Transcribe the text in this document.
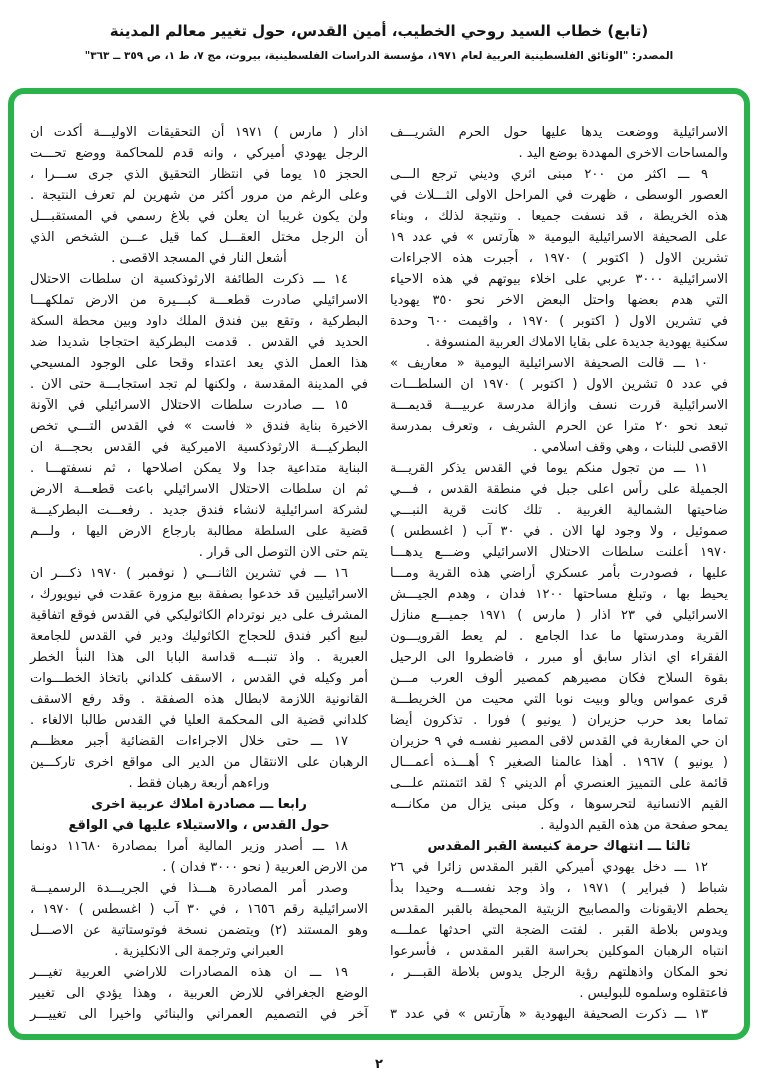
(تابع) خطاب السيد روحي الخطيب، أمين القدس، حول تغيير معالم المدينة
المصدر: "الوثائق الفلسطينية العربية لعام ١٩٧١، مؤسسة الدراسات الفلسطينية، بيروت، مج ٧، ط ١، ص ٣٥٩ ــ ٣٦٣"
الاسرائيلية ووضعت يدها عليها حول الحرم الشريـــف
والمساحات الاخرى المهددة بوضع اليد .
٩ ـــ اكثر من ٢٠٠ مبنى اثري وديني ترجع الـــى
العصور الوسطى ، ظهرت في المراحل الاولى الثـــلاث في
هذه الخريطة ، قد نسفت جميعا . ونتيجة لذلك ، وبناء
على الصحيفة الاسرائيلية اليومية « هآرتس » في عدد ١٩
تشرين الاول ( اكتوبر ) ١٩٧٠ ، أجبرت هذه الاجراءات
الاسرائيلية ٣٠٠٠ عربي على اخلاء بيوتهم في هذه الاحياء
التي هدم بعضها واحتل البعض الاخر نحو ٣٥٠ يهوديا
في تشرين الاول ( اكتوبر ) ١٩٧٠ ، واقيمت ٦٠٠ وحدة
سكنية يهودية جديدة على بقايا الاملاك العربية المنسوفة .
١٠ ـــ قالت الصحيفة الاسرائيلية اليومية « معاريف »
في عدد ٥ تشرين الاول ( اكتوبر ) ١٩٧٠ ان السلطـــات
الاسرائيلية قررت نسف وازالة مدرسة عربيـــة قديمـــة
تبعد نحو ٢٠ مترا عن الحرم الشريف ، وتعرف بمدرسة
الاقصى للبنات ، وهي وقف اسلامي .
١١ ـــ من تجول منكم يوما في القدس يذكر القريـــة
الجميلة على رأس اعلى جبل في منطقة القدس ، فـــي
ضاحيتها الشمالية الغربية . تلك كانت قرية النبـــي
صموئيل ، ولا وجود لها الان . في ٣٠ آب ( اغسطس )
١٩٧٠ أعلنت سلطات الاحتلال الاسرائيلي وضـــع يدهـــا
عليها ، فصودرت بأمر عسكري أراضي هذه القرية ومـــا
يحيط بها ، وتبلغ مساحتها ١٢٠٠ فدان ، وهدم الجيـــش
الاسرائيلي في ٢٣ اذار ( مارس ) ١٩٧١ جميـــع منازل
القرية ومدرستها ما عدا الجامع . لم يعط القرويـــون
الفقراء اي انذار سابق أو مبرر ، فاضطروا الى الرحيل
بقوة السلاح فكان مصيرهم كمصير ألوف العرب مـــن
قرى عمواس ويالو وبيت نوبا التي محيت من الخريطـــة
تماما بعد حرب حزيران ( يونيو ) فورا . تذكرون أيضا
ان حي المغاربة في القدس لاقى المصير نفسـه في ٩ حزيران
( يونيو ) ١٩٦٧ . أهذا عالمنا الصغير ؟ أهـــذه أعمـــال
قائمة على التمييز العنصري أم الديني ؟ لقد ائتمنتم علـــى
القيم الانسانية لتحرسوها ، وكل مبنى يزال من مكانـــه
يمحو صفحة من هذه القيم الدولية .
ثالثا ـــ انتهاك حرمة كنيسة القبر المقدس
١٢ ـــ دخل يهودي أميركي القبر المقدس زائرا في ٢٦
شباط ( فبراير ) ١٩٧١ ، واذ وجد نفســـه وحيدا بدأ
يحطم الايقونات والمصابيح الزيتية المحيطة بالقبر المقدس
ويدوس بلاطة القبر . لفتت الضجة التي احدثها عملـــه
انتباه الرهبان الموكلين بحراسة القبر المقدس ، فأسرعوا
نحو المكان واذهلتهم رؤية الرجل يدوس بلاطة القبـــر ،
فاعتقلوه وسلموه للبوليس .
١٣ ـــ ذكرت الصحيفة اليهودية « هآرتس » في عدد ٣
اذار ( مارس ) ١٩٧١ أن التحقيقات الاوليـــة أكدت ان
الرجل يهودي أميركي ، وانه قدم للمحاكمة ووضع تحـــت
الحجز ١٥ يوما في انتظار التحقيق الذي جرى ســـرا ،
وعلى الرغم من مرور أكثر من شهرين لم تعرف النتيجة .
ولن يكون غريبا ان يعلن في بلاغ رسمي في المستقبـــل
أن الرجل مختل العقـــل كما قيل عـــن الشخص الذي
أشعل النار في المسجد الاقصى .
١٤ ـــ ذكرت الطائفة الارثوذكسية ان سلطات الاحتلال
الاسرائيلي صادرت قطعـــة كبـــيرة من الارض تملكهـــا
البطركية ، وتقع بين فندق الملك داود وبين محطة السكة
الحديد في القدس . قدمت البطركية احتجاجا شديدا ضد
هذا العمل الذي يعد اعتداء وقحا على الوجود المسيحي
في المدينة المقدسة ، ولكنها لم تجد استجابـــة حتى الان .
١٥ ـــ صادرت سلطات الاحتلال الاسرائيلي في الآونة
الاخيرة بناية فندق « فاست » في القدس التـــي تخص
البطركيـــة الارثوذكسية الاميركية في القدس بحجـــة ان
البناية متداعية جدا ولا يمكن اصلاحها ، ثم نسفتهـــا .
ثم ان سلطات الاحتلال الاسرائيلي باعت قطعـــة الارض
لشركة اسرائيلية لانشاء فندق جديد . رفعـــت البطركيـــة
قضية على السلطة مطالبة بارجاع الارض اليها ، ولـــم
يتم حتى الان التوصل الى قرار .
١٦ ـــ في تشرين الثانـــي ( نوفمبر ) ١٩٧٠ ذكـــر ان
الاسرائيليين قد خدعوا بصفقة بيع مزورة عقدت في نيويورك ،
المشرف على دير نوتردام الكاثوليكي في القدس فوقع اتفاقية
لبيع أكبر فندق للحجاج الكاثوليك ودير في القدس للجامعة
العبرية . واذ تنبـــه قداسة البابا الى هذا النبأ الخطر
أمر وكيله في القدس ، الاسقف كلداني باتخاذ الخطـــوات
القانونية اللازمة لابطال هذه الصفقة . وقد رفع الاسقف
كلداني قضية الى المحكمة العليا في القدس طالبا الالغاء .
١٧ ـــ حتى خلال الاجراءات القضائية أجبر معظـــم
الرهبان على الانتقال من الدير الى مواقع اخرى تاركـــين
وراءهم أربعة رهبان فقط .
رابعا ـــ مصادرة املاك عربية اخرى
حول القدس ، والاستيلاء عليها في الواقع
١٨ ـــ أصدر وزير المالية أمرا بمصادرة ١١٦٨٠ دونما
من الارض العربية ( نحو ٣٠٠٠ فدان ) .
وصدر أمر المصادرة هـــذا في الجريـــدة الرسميـــة
الاسرائيلية رقم ١٦٥٦ ، في ٣٠ آب ( اغسطس ) ١٩٧٠ ،
وهو المستند (٢) ويتضمن نسخة فوتوستاتية عن الاصـــل
العبراني وترجمة الى الانكليزية .
١٩ ـــ ان هذه المصادرات للاراضي العربية تغيـــر
الوضع الجغرافي للارض العربية ، وهذا يؤدي الى تغيير
آخر في التصميم العمراني والبنائي واخيرا الى تغييـــر
٢
